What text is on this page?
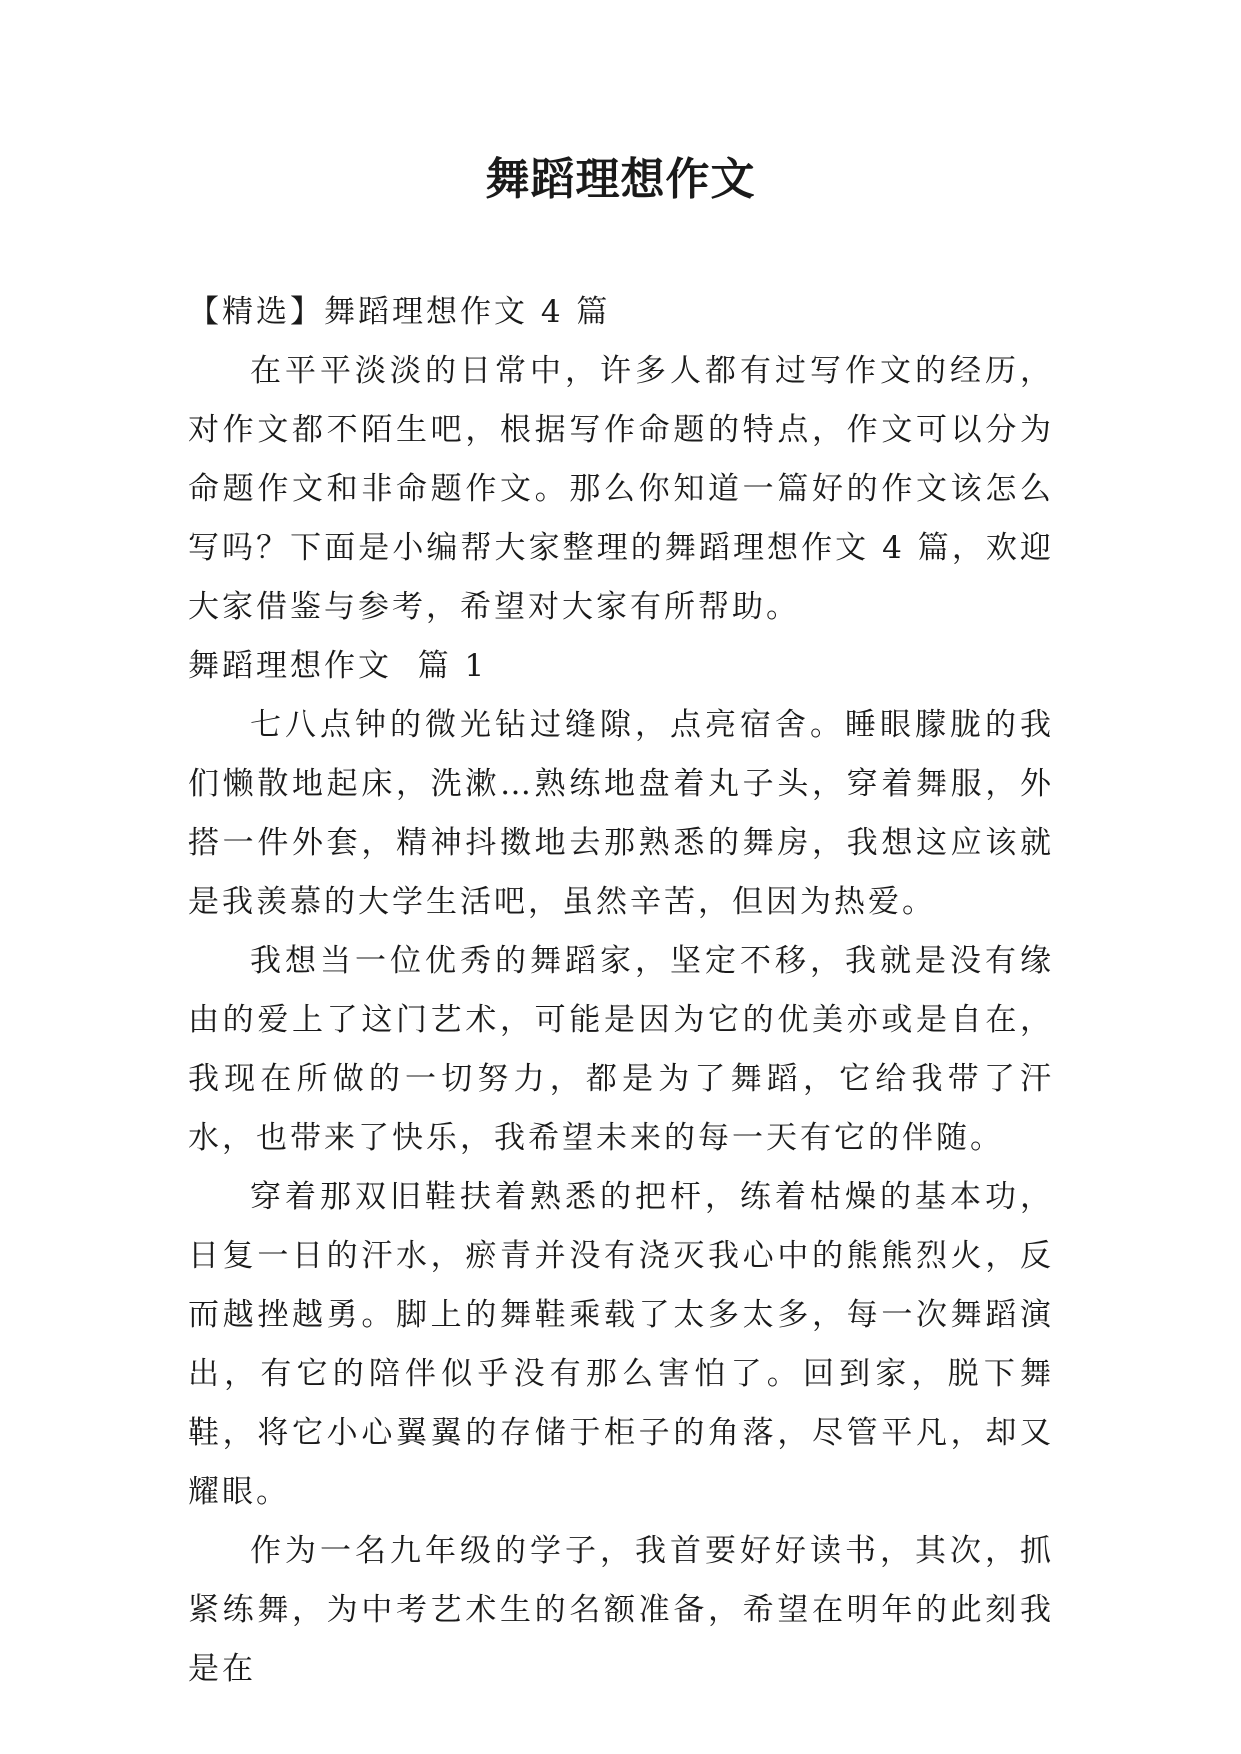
舞蹈理想作文

【精选】舞蹈理想作文 4 篇

在平平淡淡的日常中，许多人都有过写作文的经历，对作文都不陌生吧，根据写作命题的特点，作文可以分为命题作文和非命题作文。那么你知道一篇好的作文该怎么写吗？下面是小编帮大家整理的舞蹈理想作文 4 篇，欢迎大家借鉴与参考，希望对大家有所帮助。

舞蹈理想作文  篇 1

七八点钟的微光钻过缝隙，点亮宿舍。睡眼朦胧的我们懒散地起床，洗漱…熟练地盘着丸子头，穿着舞服，外搭一件外套，精神抖擞地去那熟悉的舞房，我想这应该就是我羡慕的大学生活吧，虽然辛苦，但因为热爱。

我想当一位优秀的舞蹈家，坚定不移，我就是没有缘由的爱上了这门艺术，可能是因为它的优美亦或是自在，我现在所做的一切努力，都是为了舞蹈，它给我带了汗水，也带来了快乐，我希望未来的每一天有它的伴随。

穿着那双旧鞋扶着熟悉的把杆，练着枯燥的基本功，日复一日的汗水，瘀青并没有浇灭我心中的熊熊烈火，反而越挫越勇。脚上的舞鞋乘载了太多太多，每一次舞蹈演出，有它的陪伴似乎没有那么害怕了。回到家，脱下舞鞋，将它小心翼翼的存储于柜子的角落，尽管平凡，却又耀眼。

作为一名九年级的学子，我首要好好读书，其次，抓紧练舞，为中考艺术生的名额准备，希望在明年的此刻我是在
